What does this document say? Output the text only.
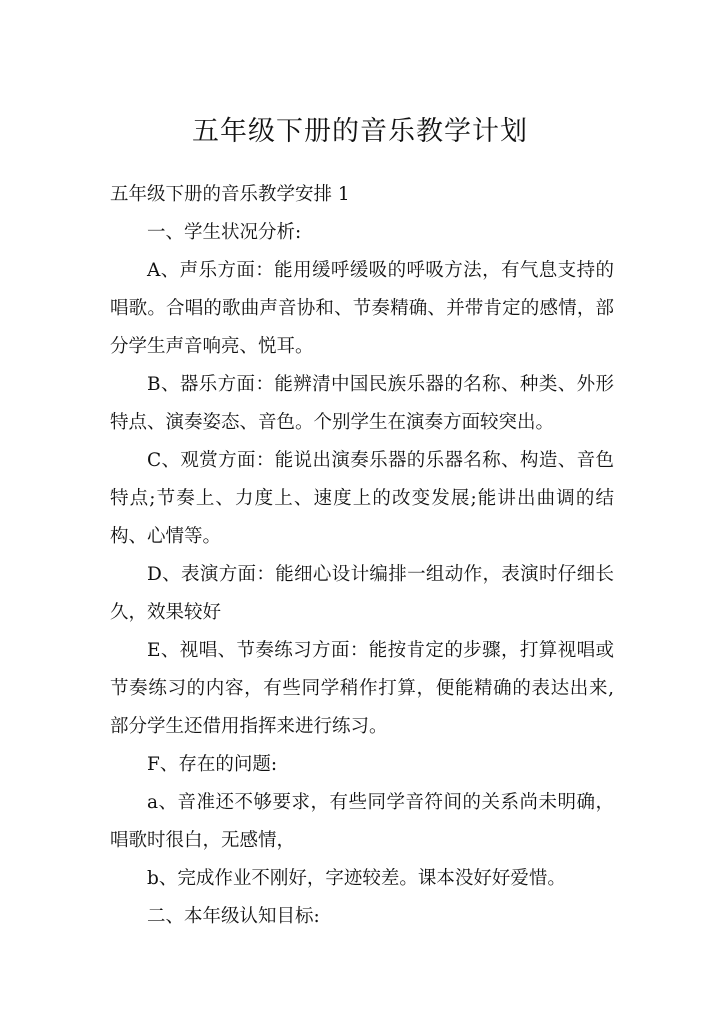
五年级下册的音乐教学计划

五年级下册的音乐教学安排 1

一、学生状况分析:

A、声乐方面：能用缓呼缓吸的呼吸方法，有气息支持的唱歌。合唱的歌曲声音协和、节奏精确、并带肯定的感情，部分学生声音响亮、悦耳。

B、器乐方面：能辨清中国民族乐器的名称、种类、外形特点、演奏姿态、音色。个别学生在演奏方面较突出。

C、观赏方面：能说出演奏乐器的乐器名称、构造、音色特点;节奏上、力度上、速度上的改变发展;能讲出曲调的结构、心情等。

D、表演方面：能细心设计编排一组动作，表演时仔细长久，效果较好

E、视唱、节奏练习方面：能按肯定的步骤，打算视唱或节奏练习的内容，有些同学稍作打算，便能精确的表达出来,部分学生还借用指挥来进行练习。

F、存在的问题:

a、音准还不够要求，有些同学音符间的关系尚未明确，唱歌时很白，无感情，

b、完成作业不刚好，字迹较差。课本没好好爱惜。

二、本年级认知目标:
